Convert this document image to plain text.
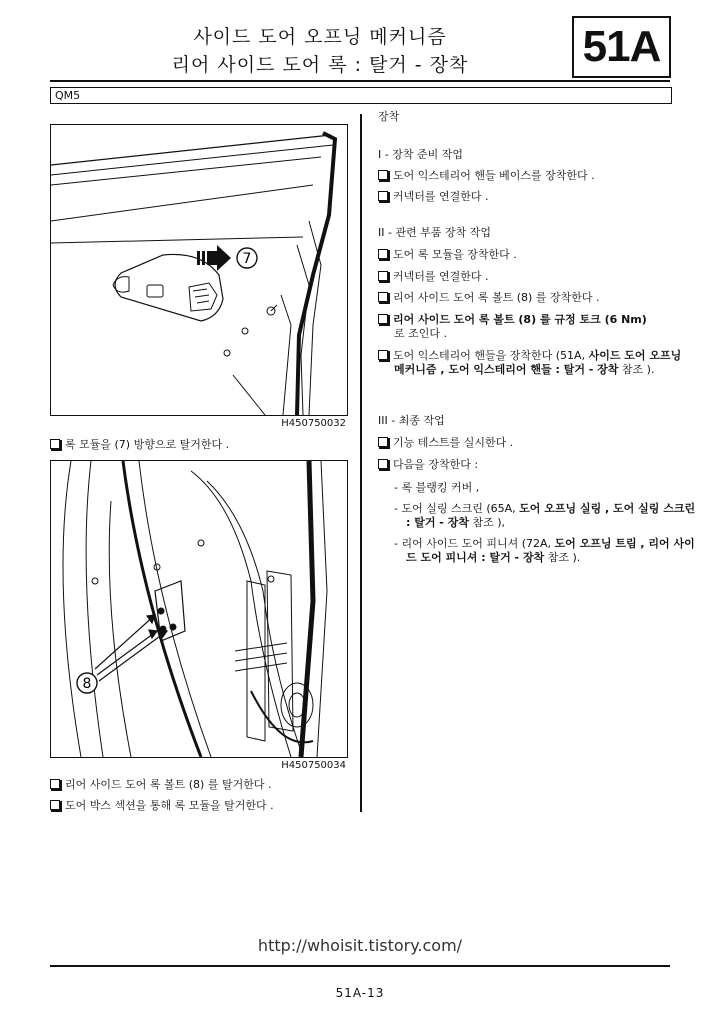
사이드 도어 오프닝 메커니즘
리어 사이드 도어 록 : 탈거 - 장착	51A
QM5
7
H450750032
록 모듈을 (7) 방향으로 탈거한다 .
8
H450750034
리어 사이드 도어 록 볼트 (8) 를 탈거한다 .
도어 박스 섹션을 통해 록 모듈을 탈거한다 .
장착
I - 장착 준비 작업
도어 익스테리어 핸들 베이스를 장착한다 .
커넥터를 연결한다 .
II - 관련 부품 장착 작업
도어 록 모듈을 장착한다 .
커넥터를 연결한다 .
리어 사이드 도어 록 볼트 (8) 를 장착한다 .
리어 사이드 도어 록 볼트 (8) 를 규정 토크 (6 Nm)
로 조인다 .
도어 익스테리어 핸들을 장착한다 (51A, 사이드 도어 오프닝 메커니즘 , 도어 익스테리어 핸들 : 탈거 - 장착 참조 ).
III - 최종 작업
기능 테스트를 실시한다 .
다음을 장착한다 :
- 록 블랭킹 커버 ,
- 도어 실링 스크린 (65A, 도어 오프닝 실링 , 도어 실링 스크린 : 탈거 - 장착 참조 ),
- 리어 사이드 도어 피니셔 (72A, 도어 오프닝 트림 , 리어 사이드 도어 피니셔 : 탈거 - 장착 참조 ).
http://whoisit.tistory.com/
51A-13
